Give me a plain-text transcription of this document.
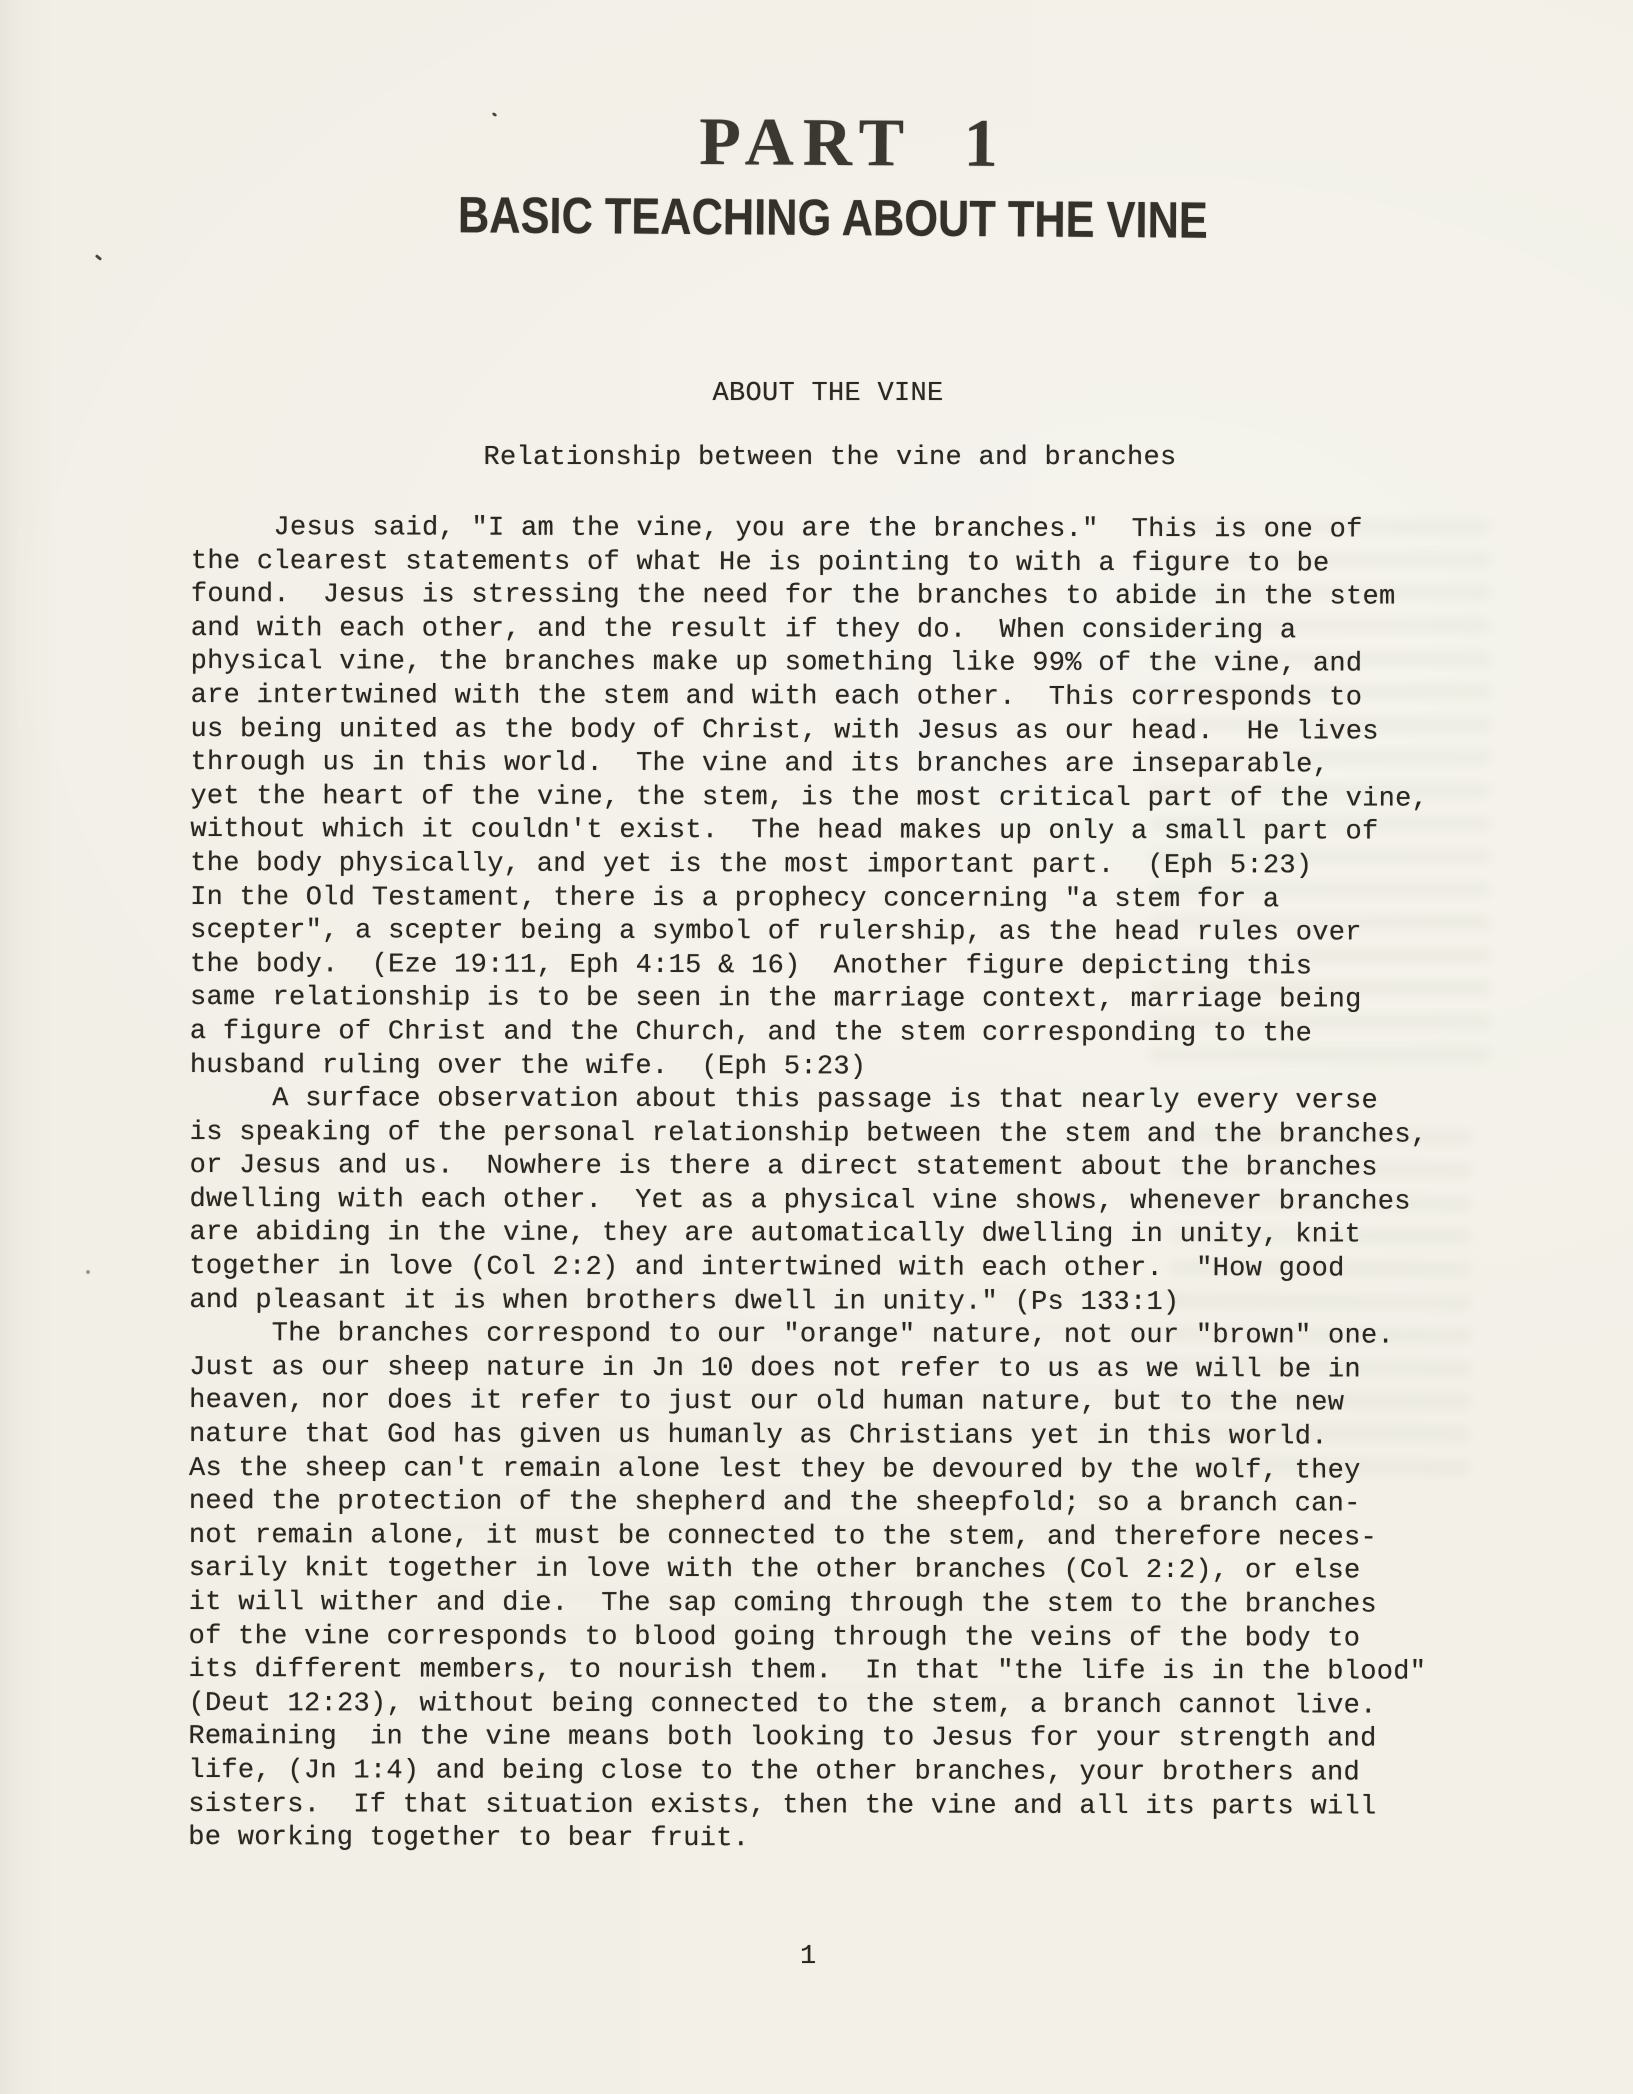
PART 1
BASIC TEACHING ABOUT THE VINE
ABOUT THE VINE
Relationship between the vine and branches
Jesus said, "I am the vine, you are the branches."  This is one of
the clearest statements of what He is pointing to with a figure to be
found.  Jesus is stressing the need for the branches to abide in the stem
and with each other, and the result if they do.  When considering a
physical vine, the branches make up something like 99% of the vine, and
are intertwined with the stem and with each other.  This corresponds to
us being united as the body of Christ, with Jesus as our head.  He lives
through us in this world.  The vine and its branches are inseparable,
yet the heart of the vine, the stem, is the most critical part of the vine,
without which it couldn't exist.  The head makes up only a small part of
the body physically, and yet is the most important part.  (Eph 5:23)
In the Old Testament, there is a prophecy concerning "a stem for a
scepter", a scepter being a symbol of rulership, as the head rules over
the body.  (Eze 19:11, Eph 4:15 & 16)  Another figure depicting this
same relationship is to be seen in the marriage context, marriage being
a figure of Christ and the Church, and the stem corresponding to the
husband ruling over the wife.  (Eph 5:23)
A surface observation about this passage is that nearly every verse
is speaking of the personal relationship between the stem and the branches,
or Jesus and us.  Nowhere is there a direct statement about the branches
dwelling with each other.  Yet as a physical vine shows, whenever branches
are abiding in the vine, they are automatically dwelling in unity, knit
together in love (Col 2:2) and intertwined with each other.  "How good
and pleasant it is when brothers dwell in unity." (Ps 133:1)
The branches correspond to our "orange" nature, not our "brown" one.
Just as our sheep nature in Jn 10 does not refer to us as we will be in
heaven, nor does it refer to just our old human nature, but to the new
nature that God has given us humanly as Christians yet in this world.
As the sheep can't remain alone lest they be devoured by the wolf, they
need the protection of the shepherd and the sheepfold; so a branch can-
not remain alone, it must be connected to the stem, and therefore neces-
sarily knit together in love with the other branches (Col 2:2), or else
it will wither and die.  The sap coming through the stem to the branches
of the vine corresponds to blood going through the veins of the body to
its different members, to nourish them.  In that "the life is in the blood"
(Deut 12:23), without being connected to the stem, a branch cannot live.
Remaining  in the vine means both looking to Jesus for your strength and
life, (Jn 1:4) and being close to the other branches, your brothers and
sisters.  If that situation exists, then the vine and all its parts will
be working together to bear fruit.
1
